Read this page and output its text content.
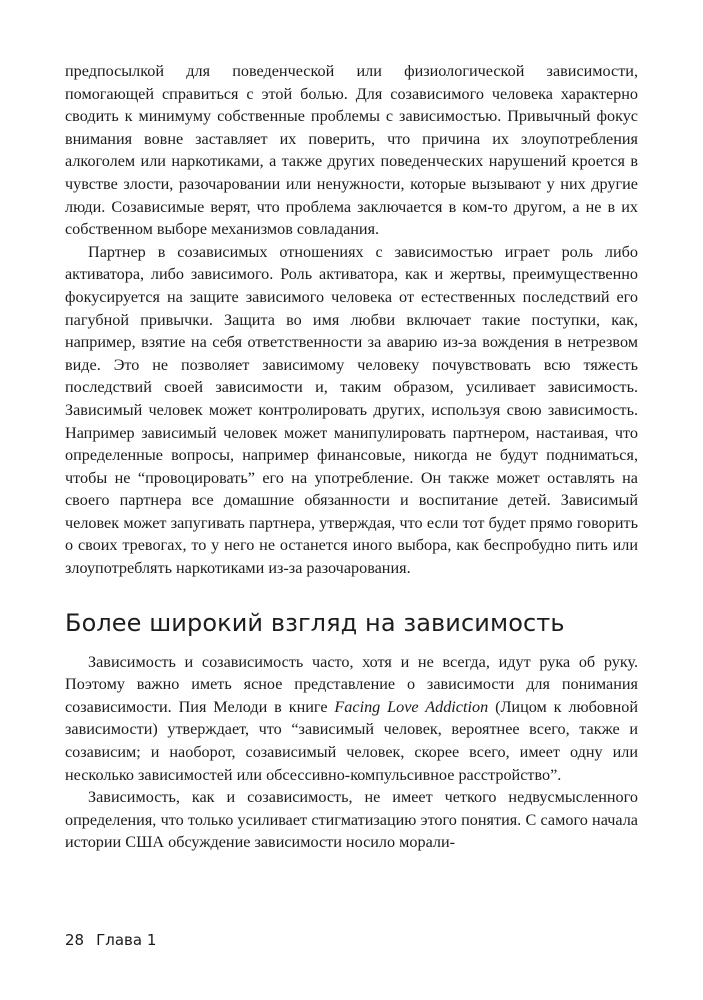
предпосылкой для поведенческой или физиологической зависимости, помогающей справиться с этой болью. Для созависимого человека характерно сводить к минимуму собственные проблемы с зависимостью. Привычный фокус внимания вовне заставляет их поверить, что причина их злоупотребления алкоголем или наркотиками, а также других поведенческих нарушений кроется в чувстве злости, разочаровании или ненужности, которые вызывают у них другие люди. Созависимые верят, что проблема заключается в ком-то другом, а не в их собственном выборе механизмов совладания.

Партнер в созависимых отношениях с зависимостью играет роль либо активатора, либо зависимого. Роль активатора, как и жертвы, преимущественно фокусируется на защите зависимого человека от естественных последствий его пагубной привычки. Защита во имя любви включает такие поступки, как, например, взятие на себя ответственности за аварию из-за вождения в нетрезвом виде. Это не позволяет зависимому человеку почувствовать всю тяжесть последствий своей зависимости и, таким образом, усиливает зависимость. Зависимый человек может контролировать других, используя свою зависимость. Например зависимый человек может манипулировать партнером, настаивая, что определенные вопросы, например финансовые, никогда не будут подниматься, чтобы не “провоцировать” его на употребление. Он также может оставлять на своего партнера все домашние обязанности и воспитание детей. Зависимый человек может запугивать партнера, утверждая, что если тот будет прямо говорить о своих тревогах, то у него не останется иного выбора, как беспробудно пить или злоупотреблять наркотиками из-за разочарования.

Более широкий взгляд на зависимость

Зависимость и созависимость часто, хотя и не всегда, идут рука об руку. Поэтому важно иметь ясное представление о зависимости для понимания созависимости. Пия Мелоди в книге Facing Love Addiction (Лицом к любовной зависимости) утверждает, что “зависимый человек, вероятнее всего, также и созависим; и наоборот, созависимый человек, скорее всего, имеет одну или несколько зависимостей или обсессивно-компульсивное расстройство”.

Зависимость, как и созависимость, не имеет четкого недвусмысленного определения, что только усиливает стигматизацию этого понятия. С самого начала истории США обсуждение зависимости носило морали-

28 Глава 1
